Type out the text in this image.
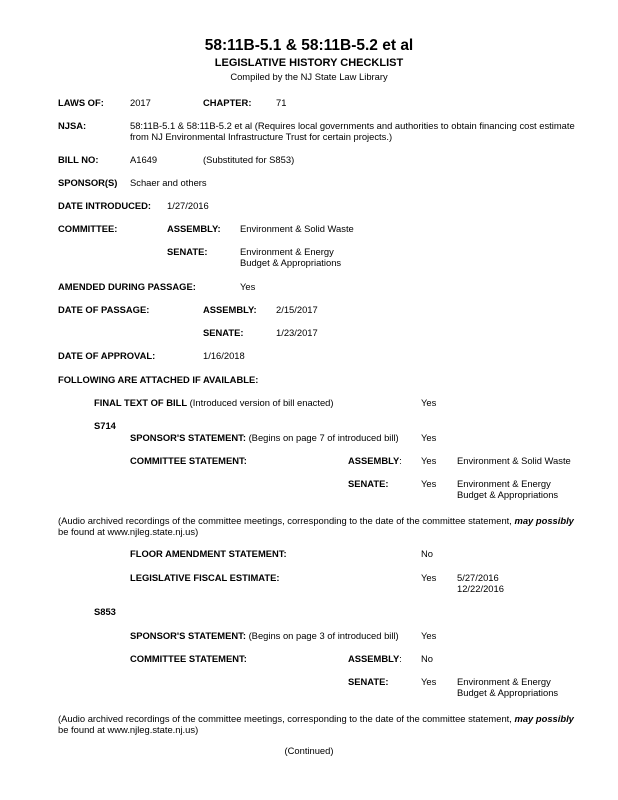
58:11B-5.1 & 58:11B-5.2 et al
LEGISLATIVE HISTORY CHECKLIST
Compiled by the NJ State Law Library
LAWS OF:	2017	CHAPTER:	71
NJSA:	58:11B-5.1 & 58:11B-5.2 et al (Requires local governments and authorities to obtain financing cost estimate
from NJ Environmental Infrastructure Trust for certain projects.)
BILL NO:	A1649	(Substituted for S853)
SPONSOR(S) Schaer and others
DATE INTRODUCED: 1/27/2016
COMMITTEE:	ASSEMBLY: Environment & Solid Waste
SENATE:	Environment & Energy
Budget & Appropriations
AMENDED DURING PASSAGE:	Yes
DATE OF PASSAGE:	ASSEMBLY: 2/15/2017
SENATE:	1/23/2017
DATE OF APPROVAL:	1/16/2018
FOLLOWING ARE ATTACHED IF AVAILABLE:
FINAL TEXT OF BILL (Introduced version of bill enacted)	Yes
S714
SPONSOR'S STATEMENT: (Begins on page 7 of introduced bill) Yes
COMMITTEE STATEMENT:	ASSEMBLY: Yes Environment & Solid Waste
SENATE:	Yes Environment & Energy
Budget & Appropriations
(Audio archived recordings of the committee meetings, corresponding to the date of the committee statement, may possibly
be found at www.njleg.state.nj.us)
FLOOR AMENDMENT STATEMENT:	No
LEGISLATIVE FISCAL ESTIMATE:	Yes 5/27/2016
12/22/2016
S853
SPONSOR'S STATEMENT: (Begins on page 3 of introduced bill) Yes
COMMITTEE STATEMENT:	ASSEMBLY: No
SENATE:	Yes Environment & Energy
Budget & Appropriations
(Audio archived recordings of the committee meetings, corresponding to the date of the committee statement, may possibly
be found at www.njleg.state.nj.us)
(Continued)
